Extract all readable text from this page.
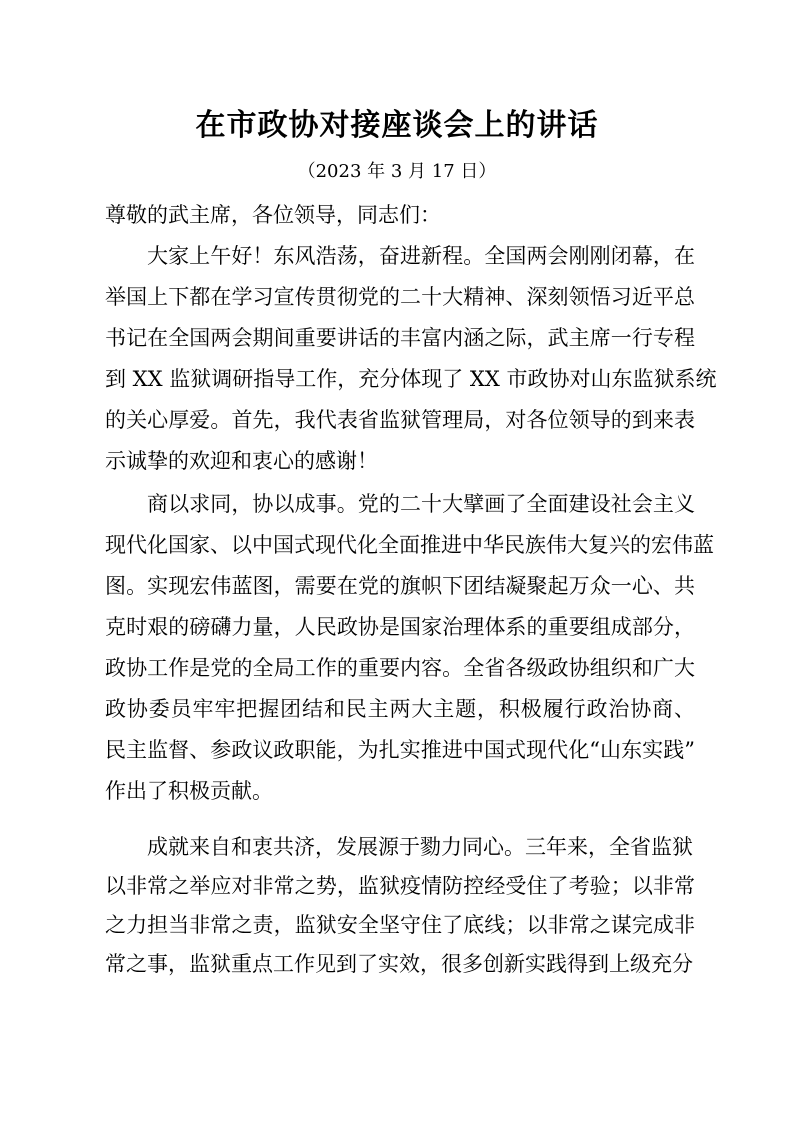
在市政协对接座谈会上的讲话
（2023 年 3 月 17 日）
尊敬的武主席，各位领导，同志们：
大家上午好！东风浩荡，奋进新程。全国两会刚刚闭幕，在
举国上下都在学习宣传贯彻党的二十大精神、深刻领悟习近平总
书记在全国两会期间重要讲话的丰富内涵之际，武主席一行专程
到 XX 监狱调研指导工作，充分体现了 XX 市政协对山东监狱系统
的关心厚爱。首先，我代表省监狱管理局，对各位领导的到来表
示诚挚的欢迎和衷心的感谢！
商以求同，协以成事。党的二十大擘画了全面建设社会主义
现代化国家、以中国式现代化全面推进中华民族伟大复兴的宏伟蓝
图。实现宏伟蓝图，需要在党的旗帜下团结凝聚起万众一心、共
克时艰的磅礴力量，人民政协是国家治理体系的重要组成部分，
政协工作是党的全局工作的重要内容。全省各级政协组织和广大
政协委员牢牢把握团结和民主两大主题，积极履行政治协商、
民主监督、参政议政职能，为扎实推进中国式现代化“山东实践”
作出了积极贡献。
成就来自和衷共济，发展源于勠力同心。三年来，全省监狱
以非常之举应对非常之势，监狱疫情防控经受住了考验；以非常
之力担当非常之责，监狱安全坚守住了底线；以非常之谋完成非
常之事，监狱重点工作见到了实效，很多创新实践得到上级充分
